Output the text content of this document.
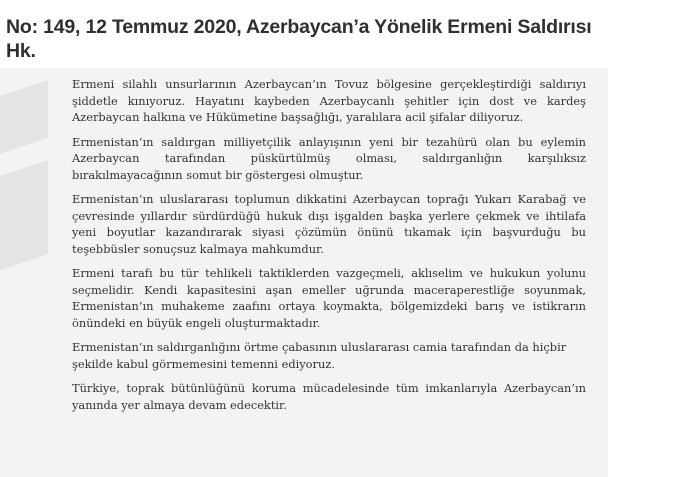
No: 149, 12 Temmuz 2020, Azerbaycan’a Yönelik Ermeni Saldırısı Hk.

Ermeni silahlı unsurlarının Azerbaycan’ın Tovuz bölgesine gerçekleştirdiği saldırıyı şiddetle kınıyoruz. Hayatını kaybeden Azerbaycanlı şehitler için dost ve kardeş Azerbaycan halkına ve Hükümetine başsağlığı, yaralılara acil şifalar diliyoruz.

Ermenistan’ın saldırgan milliyetçilik anlayışının yeni bir tezahürü olan bu eylemin Azerbaycan tarafından püskürtülmüş olması, saldırganlığın karşılıksız bırakılmayacağının somut bir göstergesi olmuştur.

Ermenistan’ın uluslararası toplumun dikkatini Azerbaycan toprağı Yukarı Karabağ ve çevresinde yıllardır sürdürdüğü hukuk dışı işgalden başka yerlere çekmek ve ihtilafa yeni boyutlar kazandırarak siyasi çözümün önünü tıkamak için başvurduğu bu teşebbüsler sonuçsuz kalmaya mahkumdur.

Ermeni tarafı bu tür tehlikeli taktiklerden vazgeçmeli, aklıselim ve hukukun yolunu seçmelidir. Kendi kapasitesini aşan emeller uğrunda maceraperestliğe soyunmak, Ermenistan’ın muhakeme zaafını ortaya koymakta, bölgemizdeki barış ve istikrarın önündeki en büyük engeli oluşturmaktadır.

Ermenistan’ın saldırganlığını örtme çabasının uluslararası camia tarafından da hiçbir şekilde kabul görmemesini temenni ediyoruz.

Türkiye, toprak bütünlüğünü koruma mücadelesinde tüm imkanlarıyla Azerbaycan’ın yanında yer almaya devam edecektir.
